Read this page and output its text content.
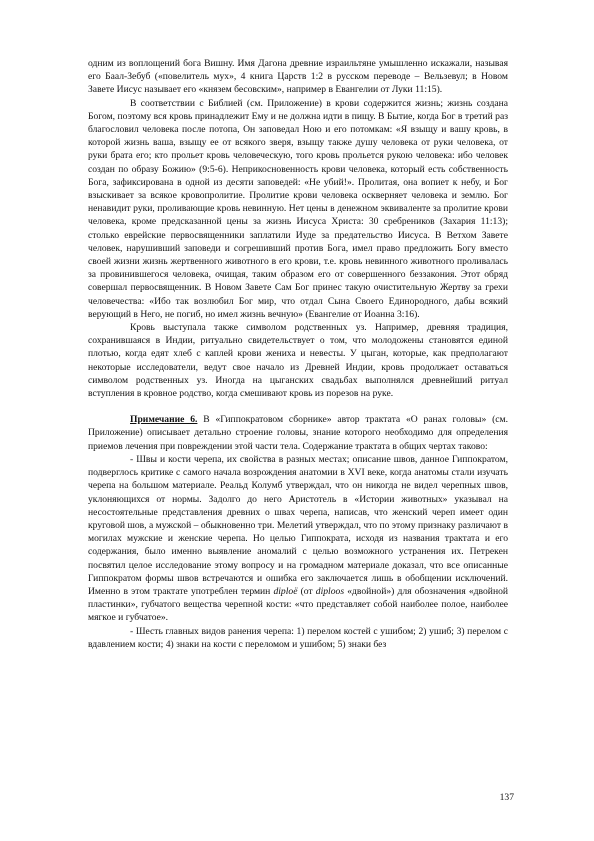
одним из воплощений бога Вишну. Имя Дагона древние израильтяне умышленно искажали, называя его Баал-Зебуб («повелитель мух», 4 книга Царств 1:2 в русском переводе – Вельзевул; в Новом Завете Иисус называет его «князем бесовским», например в Евангелии от Луки 11:15).

В соответствии с Библией (см. Приложение) в крови содержится жизнь; жизнь создана Богом, поэтому вся кровь принадлежит Ему и не должна идти в пищу. В Бытие, когда Бог в третий раз благословил человека после потопа, Он заповедал Ною и его потомкам: «Я взыщу и вашу кровь, в которой жизнь ваша, взыщу ее от всякого зверя, взыщу также душу человека от руки человека, от руки брата его; кто прольет кровь человеческую, того кровь прольется рукою человека: ибо человек создан по образу Божию» (9:5-6). Неприкосновенность крови человека, который есть собственность Бога, зафиксирована в одной из десяти заповедей: «Не убий!». Пролитая, она вопиет к небу, и Бог взыскивает за всякое кровопролитие. Пролитие крови человека оскверняет человека и землю. Бог ненавидит руки, проливающие кровь невинную. Нет цены в денежном эквиваленте за пролитие крови человека, кроме предсказанной цены за жизнь Иисуса Христа: 30 сребреников (Захария 11:13); столько еврейские первосвященники заплатили Иуде за предательство Иисуса. В Ветхом Завете человек, нарушивший заповеди и согрешивший против Бога, имел право предложить Богу вместо своей жизни жизнь жертвенного животного в его крови, т.е. кровь невинного животного проливалась за провинившегося человека, очищая, таким образом его от совершенного беззакония. Этот обряд совершал первосвященник. В Новом Завете Сам Бог принес такую очистительную Жертву за грехи человечества: «Ибо так возлюбил Бог мир, что отдал Сына Своего Единородного, дабы всякий верующий в Него, не погиб, но имел жизнь вечную» (Евангелие от Иоанна 3:16).

Кровь выступала также символом родственных уз. Например, древняя традиция, сохранившаяся в Индии, ритуально свидетельствует о том, что молодожены становятся единой плотью, когда едят хлеб с каплей крови жениха и невесты. У цыган, которые, как предполагают некоторые исследователи, ведут свое начало из Древней Индии, кровь продолжает оставаться символом родственных уз. Иногда на цыганских свадьбах выполнялся древнейший ритуал вступления в кровное родство, когда смешивают кровь из порезов на руке.

Примечание 6. В «Гиппократовом сборнике» автор трактата «О ранах головы» (см. Приложение) описывает детально строение головы, знание которого необходимо для определения приемов лечения при повреждении этой части тела. Содержание трактата в общих чертах таково:

- Швы и кости черепа, их свойства в разных местах; описание швов, данное Гиппократом, подверглось критике с самого начала возрождения анатомии в XVI веке, когда анатомы стали изучать черепа на большом материале. Реальд Колумб утверждал, что он никогда не видел черепных швов, уклоняющихся от нормы. Задолго до него Аристотель в «Истории животных» указывал на несостоятельные представления древних о швах черепа, написав, что женский череп имеет один круговой шов, а мужской – обыкновенно три. Мелетий утверждал, что по этому признаку различают в могилах мужские и женские черепа. Но целью Гиппократа, исходя из названия трактата и его содержания, было именно выявление аномалий с целью возможного устранения их. Петрекен посвятил целое исследование этому вопросу и на громадном материале доказал, что все описанные Гиппократом формы швов встречаются и ошибка его заключается лишь в обобщении исключений. Именно в этом трактате употреблен термин diploё (от diploos «двойной») для обозначения «двойной пластинки», губчатого вещества черепной кости: «что представляет собой наиболее полое, наиболее мягкое и губчатое».

- Шесть главных видов ранения черепа: 1) перелом костей с ушибом; 2) ушиб; 3) перелом с вдавлением кости; 4) знаки на кости с переломом и ушибом; 5) знаки без

137
